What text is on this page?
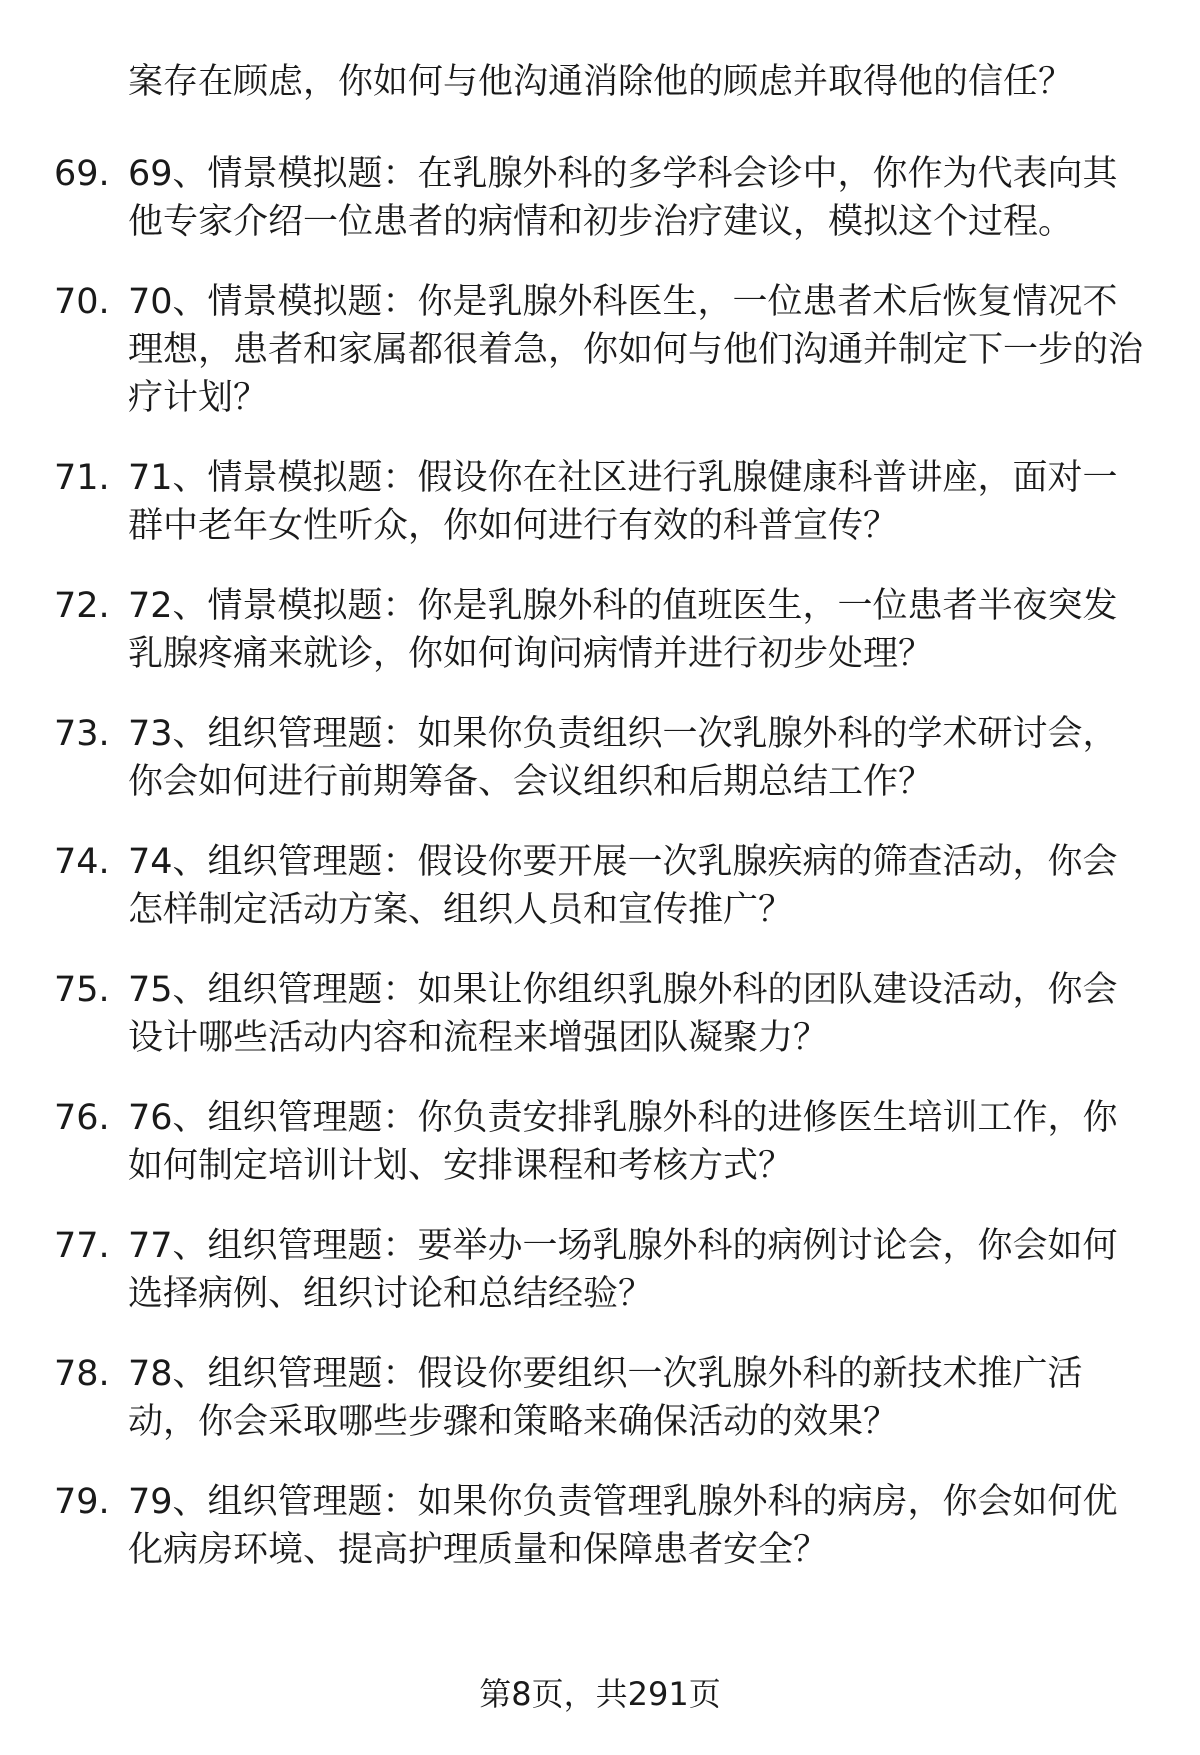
案存在顾虑，你如何与他沟通消除他的顾虑并取得他的信任？
69. 69、情景模拟题：在乳腺外科的多学科会诊中，你作为代表向其他专家介绍一位患者的病情和初步治疗建议，模拟这个过程。
70. 70、情景模拟题：你是乳腺外科医生，一位患者术后恢复情况不理想，患者和家属都很着急，你如何与他们沟通并制定下一步的治疗计划？
71. 71、情景模拟题：假设你在社区进行乳腺健康科普讲座，面对一群中老年女性听众，你如何进行有效的科普宣传？
72. 72、情景模拟题：你是乳腺外科的值班医生，一位患者半夜突发乳腺疼痛来就诊，你如何询问病情并进行初步处理？
73. 73、组织管理题：如果你负责组织一次乳腺外科的学术研讨会，你会如何进行前期筹备、会议组织和后期总结工作？
74. 74、组织管理题：假设你要开展一次乳腺疾病的筛查活动，你会怎样制定活动方案、组织人员和宣传推广？
75. 75、组织管理题：如果让你组织乳腺外科的团队建设活动，你会设计哪些活动内容和流程来增强团队凝聚力？
76. 76、组织管理题：你负责安排乳腺外科的进修医生培训工作，你如何制定培训计划、安排课程和考核方式？
77. 77、组织管理题：要举办一场乳腺外科的病例讨论会，你会如何选择病例、组织讨论和总结经验？
78. 78、组织管理题：假设你要组织一次乳腺外科的新技术推广活动，你会采取哪些步骤和策略来确保活动的效果？
79. 79、组织管理题：如果你负责管理乳腺外科的病房，你会如何优化病房环境、提高护理质量和保障患者安全？
第8页，共291页
